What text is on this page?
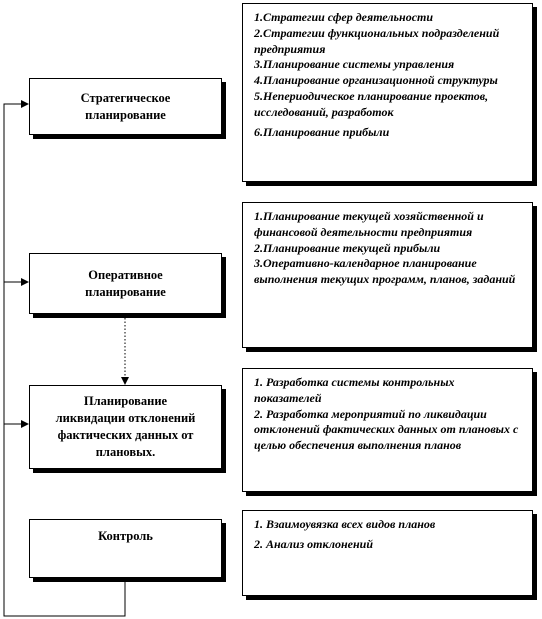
Стратегическое
планирование
1.Стратегии сфер деятельности
2.Стратегии функциональных подразделений предприятия
3.Планирование системы управления
4.Планирование организационной структуры
5.Непериодическое планирование проектов, исследований, разработок
6.Планирование прибыли
Оперативное
планирование
1.Планирование текущей хозяйственной и финансовой деятельности предприятия
2.Планирование текущей прибыли
3.Оперативно-календарное планирование выполнения текущих программ, планов, заданий
Планирование
ликвидации отклонений
фактических данных от
плановых.
1. Разработка системы контрольных показателей
2. Разработка мероприятий по ликвидации отклонений фактических данных от плановых с целью обеспечения выполнения планов
Контроль
1. Взаимоувязка всех видов планов
2. Анализ отклонений
